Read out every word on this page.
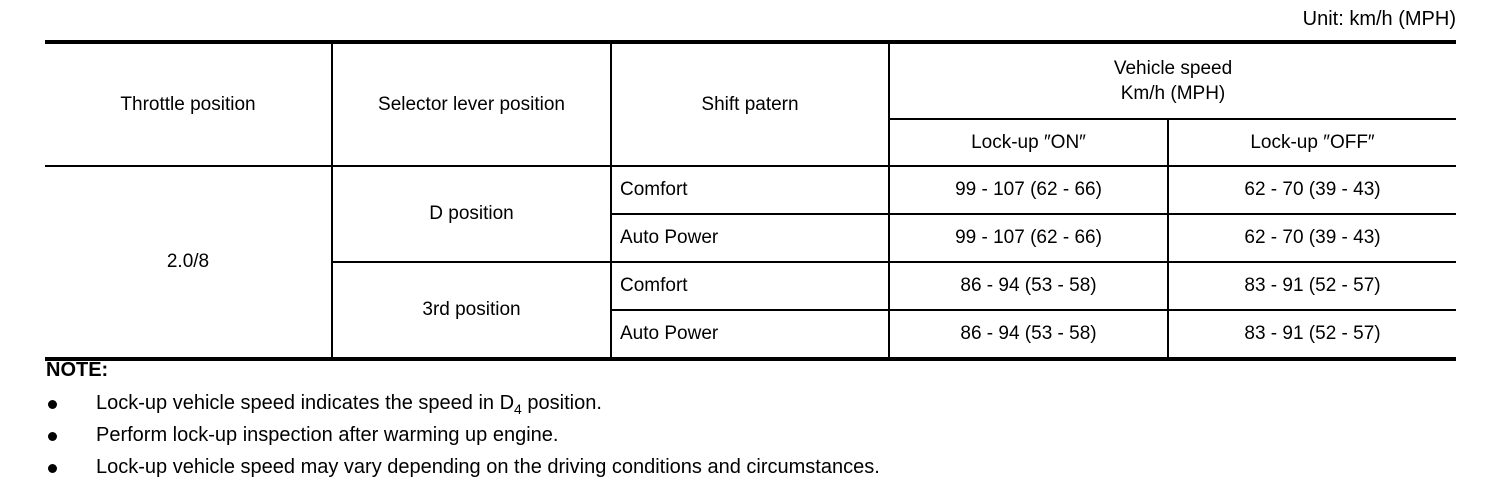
Unit: km/h (MPH)
Throttle position	Selector lever position	Shift patern	Vehicle speed
Km/h (MPH)	

			Lock-up ″ON″	Lock-up ″OFF″
2.0/8	D position	Comfort	99 - 107 (62 - 66)	62 - 70 (39 - 43)
		Auto Power	99 - 107 (62 - 66)	62 - 70 (39 - 43)
	3rd position	Comfort	86 - 94 (53 - 58)	83 - 91 (52 - 57)
		Auto Power	86 - 94 (53 - 58)	83 - 91 (52 - 57)
NOTE:
Lock-up vehicle speed indicates the speed in $D_4$ position.
Perform lock-up inspection after warming up engine.
Lock-up vehicle speed may vary depending on the driving conditions and circumstances.
